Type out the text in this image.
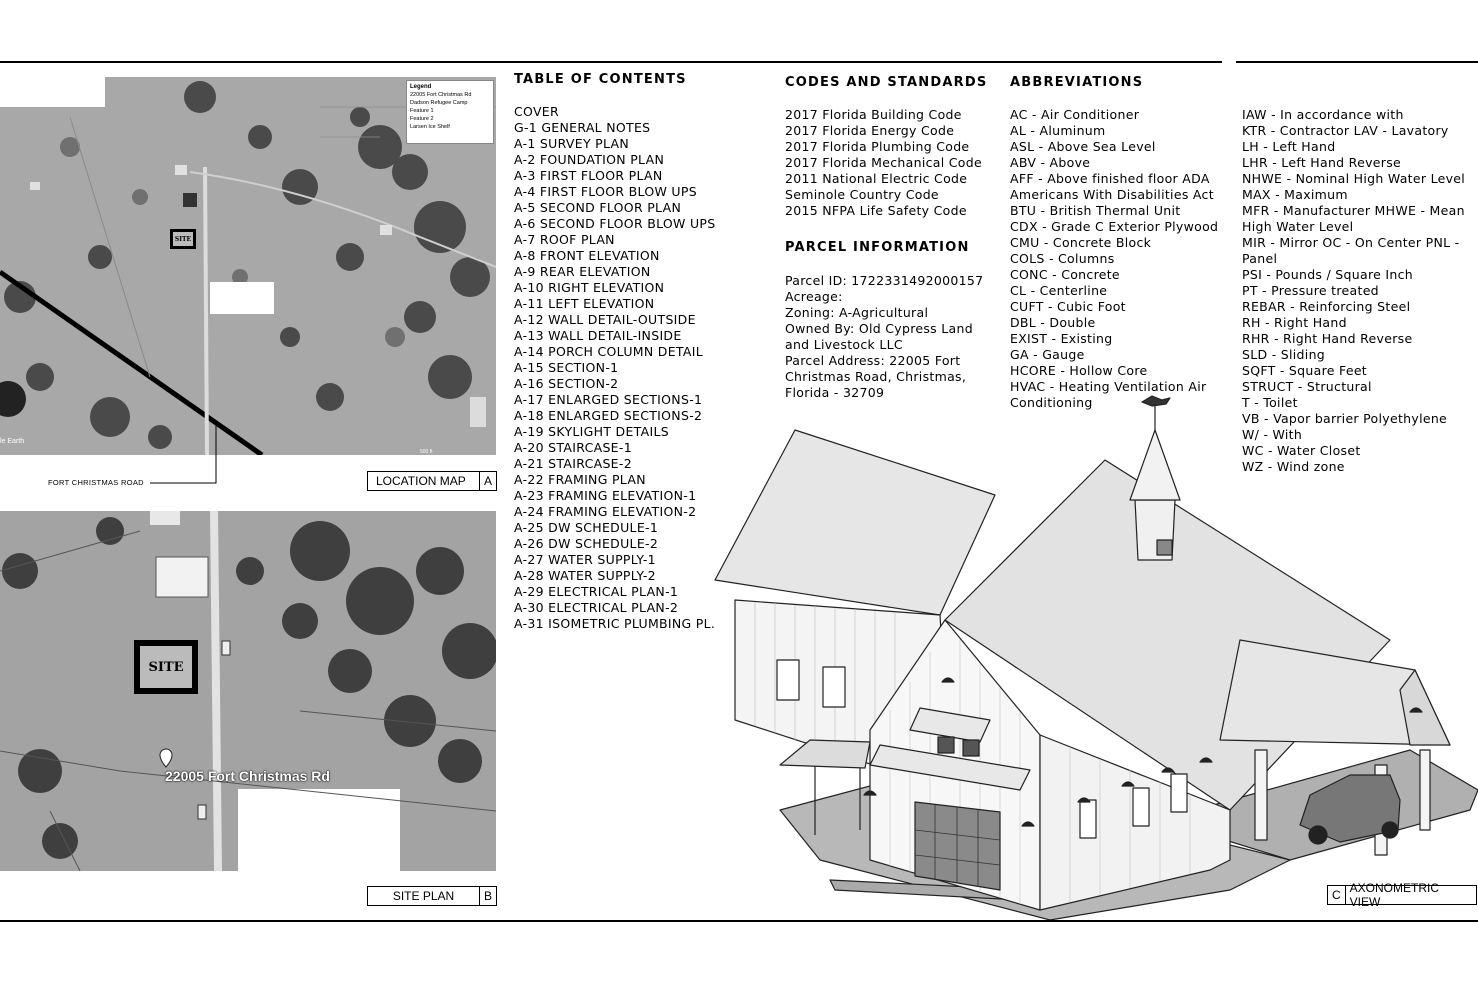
le Earth
500 ft
SITE
Legend
22005 Fort Christmas Rd
Dadson Refugee Camp
Feature 1
Feature 2
Larsen Ice Shelf
FORT CHRISTMAS ROAD	LOCATION MAP	A
SITE
22005 Fort Christmas Rd
SITE PLAN	B
TABLE OF CONTENTS
COVER
G-1 GENERAL NOTES
A-1 SURVEY PLAN
A-2 FOUNDATION PLAN
A-3 FIRST FLOOR PLAN
A-4 FIRST FLOOR BLOW UPS
A-5 SECOND FLOOR PLAN
A-6 SECOND FLOOR BLOW UPS
A-7 ROOF PLAN
A-8 FRONT ELEVATION
A-9 REAR ELEVATION
A-10 RIGHT ELEVATION
A-11 LEFT ELEVATION
A-12 WALL DETAIL-OUTSIDE
A-13 WALL DETAIL-INSIDE
A-14 PORCH COLUMN DETAIL
A-15 SECTION-1
A-16 SECTION-2
A-17 ENLARGED SECTIONS-1
A-18 ENLARGED SECTIONS-2
A-19 SKYLIGHT DETAILS
A-20 STAIRCASE-1
A-21 STAIRCASE-2
A-22 FRAMING PLAN
A-23 FRAMING ELEVATION-1
A-24 FRAMING ELEVATION-2
A-25 DW SCHEDULE-1
A-26 DW SCHEDULE-2
A-27 WATER SUPPLY-1
A-28 WATER SUPPLY-2
A-29 ELECTRICAL PLAN-1
A-30 ELECTRICAL PLAN-2
A-31 ISOMETRIC PLUMBING PL.
CODES AND STANDARDS
2017 Florida Building Code
2017 Florida Energy Code
2017 Florida Plumbing Code
2017 Florida Mechanical Code
2011 National Electric Code
Seminole Country Code
2015 NFPA Life Safety Code
PARCEL INFORMATION
Parcel ID: 1722331492000157
Acreage:
Zoning: A-Agricultural
Owned By: Old Cypress Land
and Livestock LLC
Parcel Address: 22005 Fort
Christmas Road, Christmas,
Florida - 32709
ABBREVIATIONS
AC - Air Conditioner
AL - Aluminum
ASL - Above Sea Level
ABV - Above
AFF - Above finished floor ADA
Americans With Disabilities Act
BTU - British Thermal Unit
CDX - Grade C Exterior Plywood
CMU - Concrete Block
COLS - Columns
CONC - Concrete
CL - Centerline
CUFT - Cubic Foot
DBL - Double
EXIST - Existing
GA - Gauge
HCORE - Hollow Core
HVAC - Heating Ventilation Air
Conditioning
IAW - In accordance with
KTR - Contractor LAV - Lavatory
LH - Left Hand
LHR - Left Hand Reverse
NHWE - Nominal High Water Level
MAX - Maximum
MFR - Manufacturer MHWE - Mean
High Water Level
MIR - Mirror OC - On Center PNL -
Panel
PSI - Pounds / Square Inch
PT - Pressure treated
REBAR - Reinforcing Steel
RH - Right Hand
RHR - Right Hand Reverse
SLD - Sliding
SQFT - Square Feet
STRUCT - Structural
T - Toilet
VB - Vapor barrier Polyethylene
W/ - With
WC - Water Closet
WZ - Wind zone
C AXONOMETRIC VIEW
